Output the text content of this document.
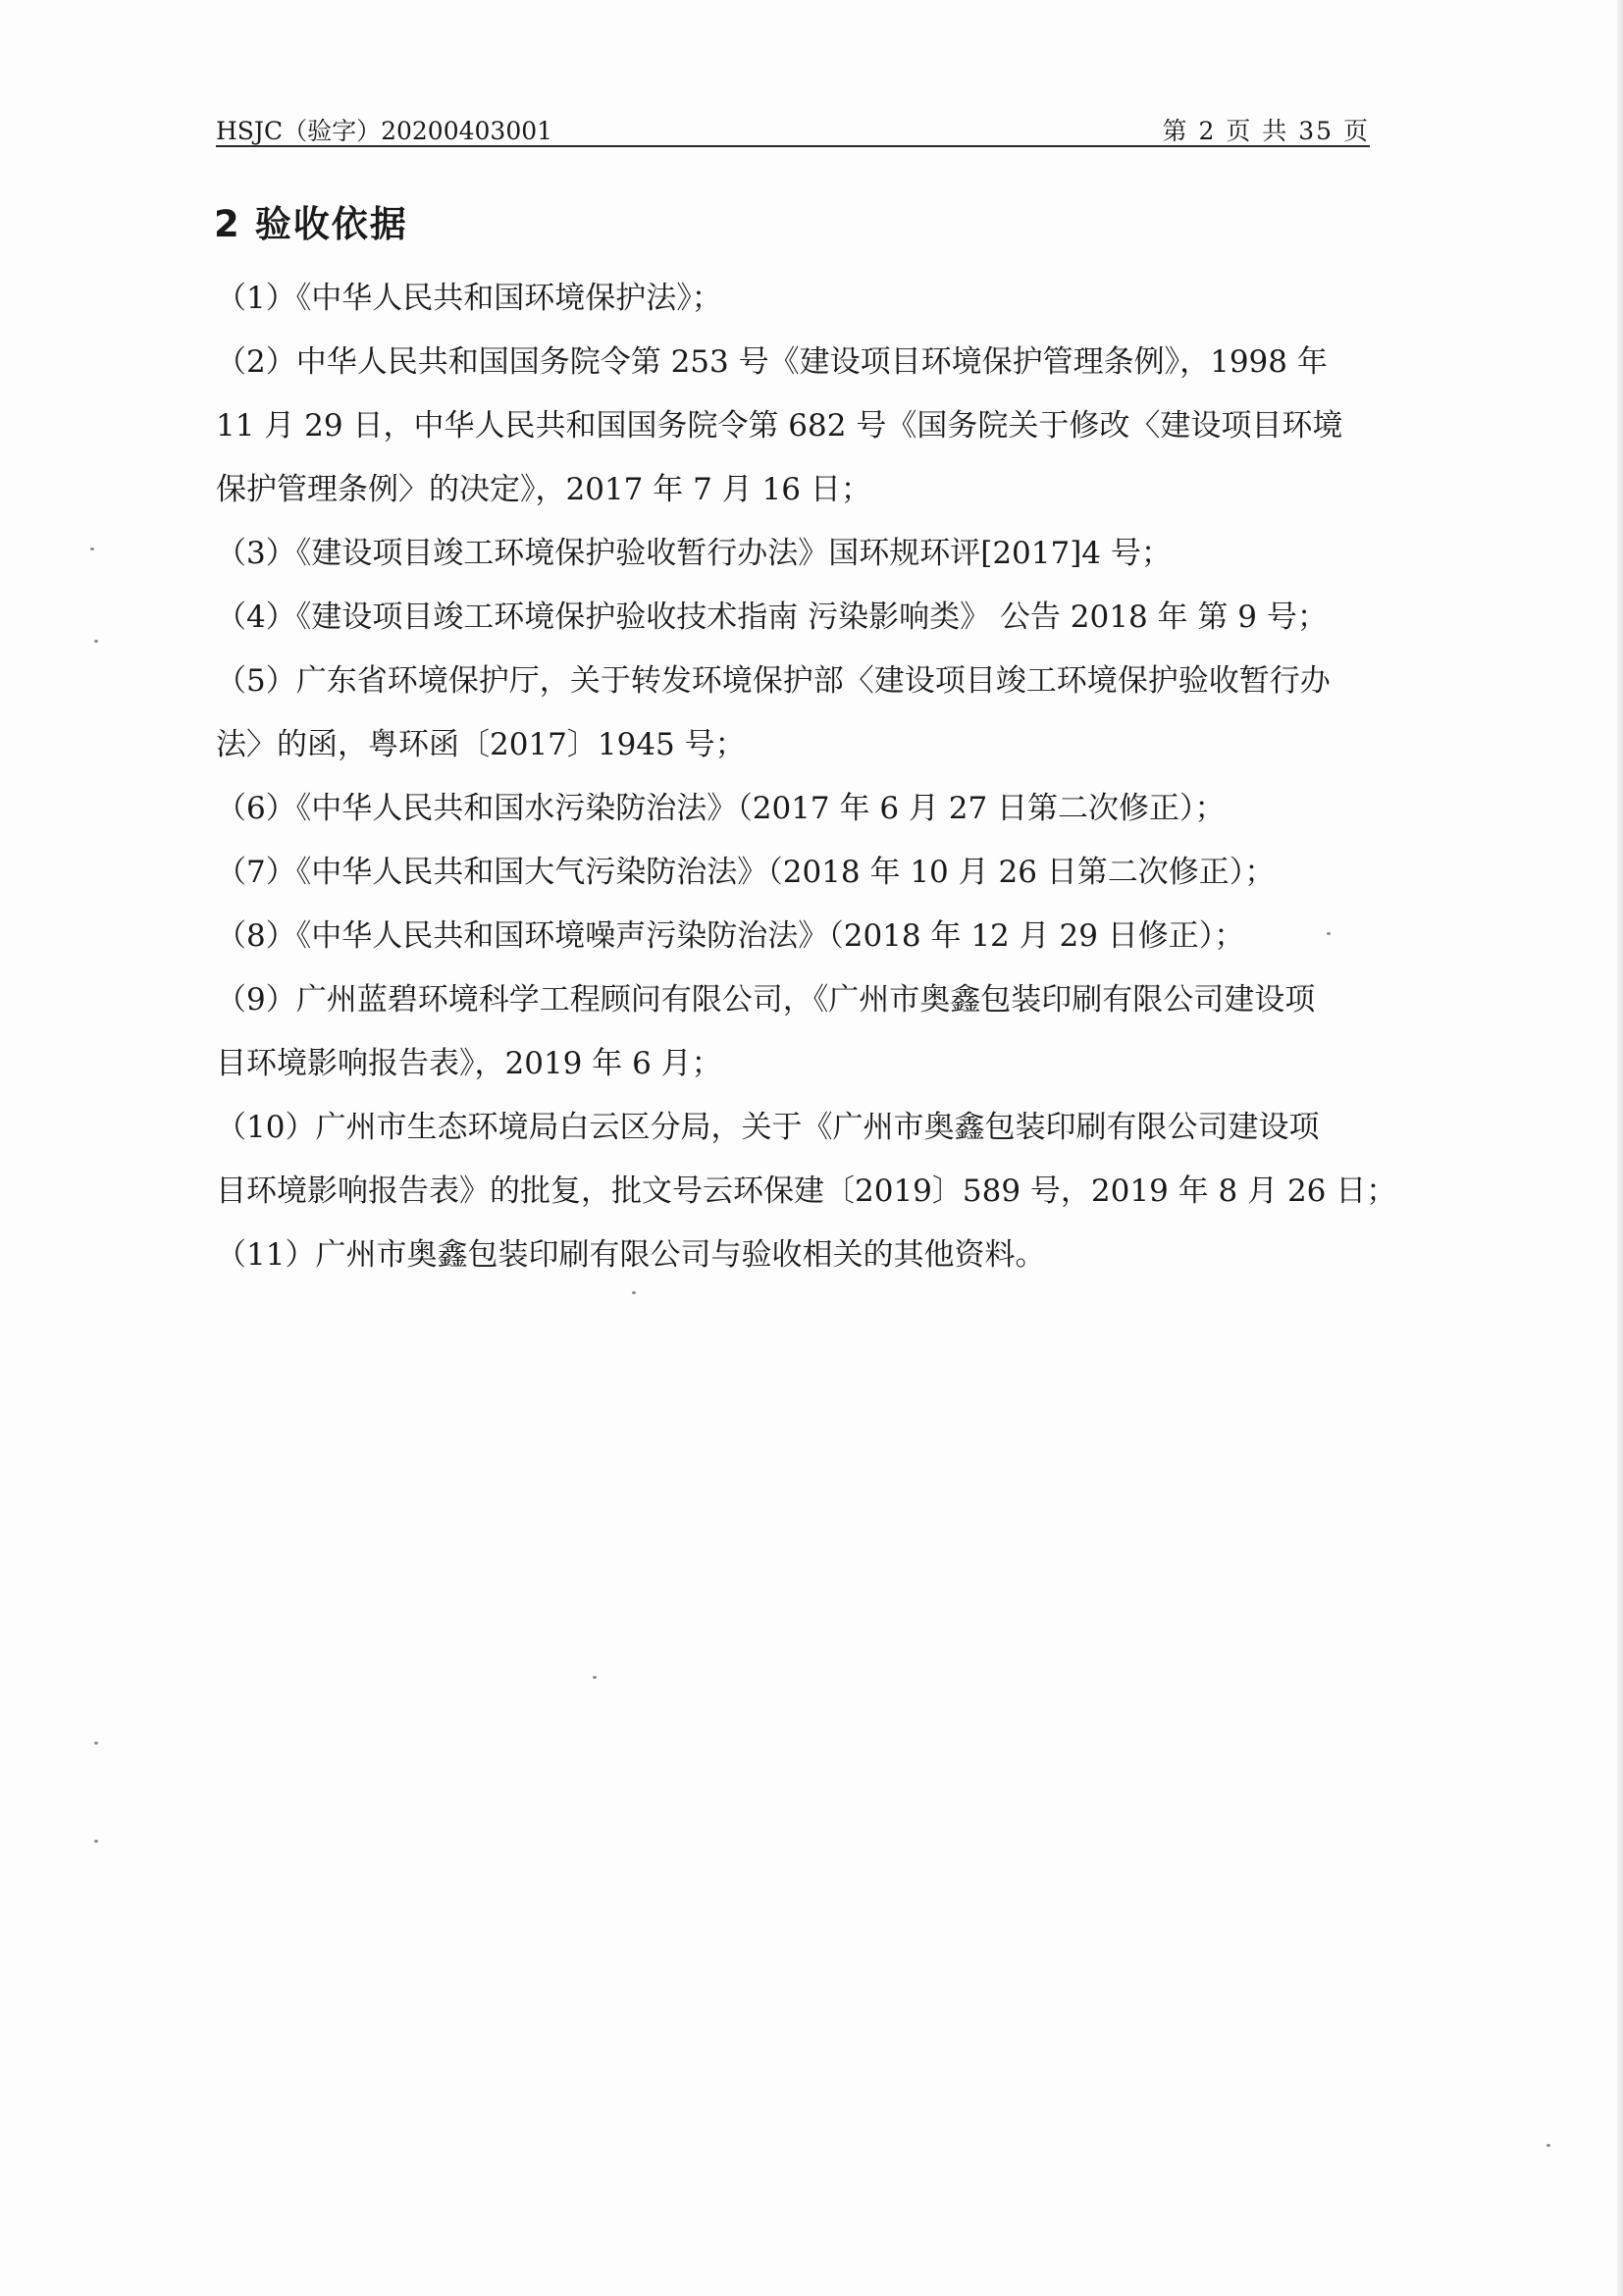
HSJC（验字）20200403001	第 2 页 共 35 页
2 验收依据
（1）《中华人民共和国环境保护法》；
（2）中华人民共和国国务院令第 253 号《建设项目环境保护管理条例》，1998 年
11 月 29 日，中华人民共和国国务院令第 682 号《国务院关于修改〈建设项目环境
保护管理条例〉的决定》，2017 年 7 月 16 日；
（3）《建设项目竣工环境保护验收暂行办法》国环规环评[2017]4 号；
（4）《建设项目竣工环境保护验收技术指南 污染影响类》 公告 2018 年 第 9 号；
（5）广东省环境保护厅，关于转发环境保护部〈建设项目竣工环境保护验收暂行办
法〉的函，粤环函〔2017〕1945 号；
（6）《中华人民共和国水污染防治法》（2017 年 6 月 27 日第二次修正）；
（7）《中华人民共和国大气污染防治法》（2018 年 10 月 26 日第二次修正）；
（8）《中华人民共和国环境噪声污染防治法》（2018 年 12 月 29 日修正）；
（9）广州蓝碧环境科学工程顾问有限公司，《广州市奥鑫包装印刷有限公司建设项
目环境影响报告表》，2019 年 6 月；
（10）广州市生态环境局白云区分局，关于《广州市奥鑫包装印刷有限公司建设项
目环境影响报告表》的批复，批文号云环保建〔2019〕589 号，2019 年 8 月 26 日；
（11）广州市奥鑫包装印刷有限公司与验收相关的其他资料。
